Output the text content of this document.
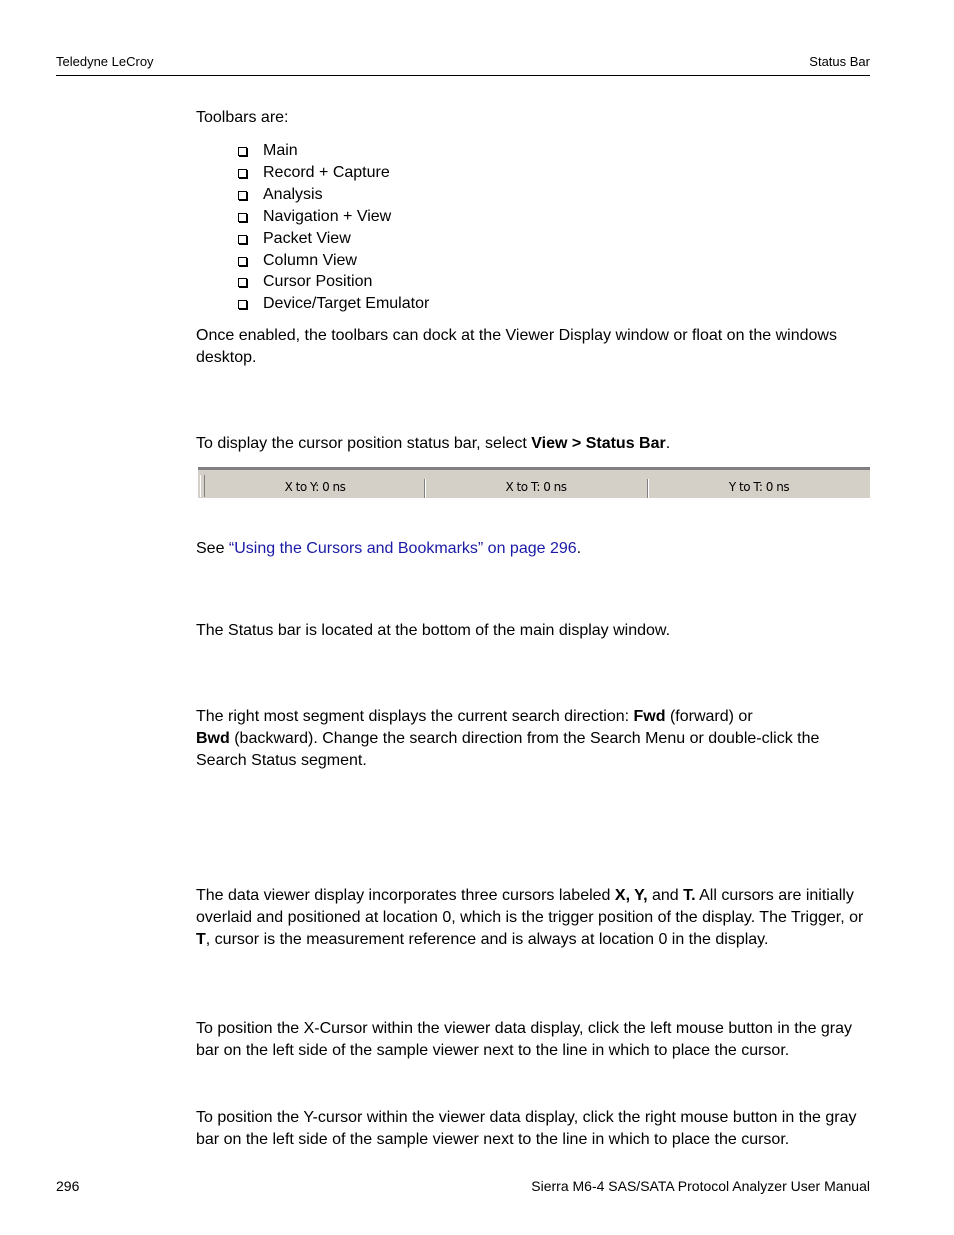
Teledyne LeCroy	Status Bar

Toolbars are:

Main
Record + Capture
Analysis
Navigation + View
Packet View
Column View
Cursor Position
Device/Target Emulator

Once enabled, the toolbars can dock at the Viewer Display window or float on the windows desktop.

To display the cursor position status bar, select View > Status Bar.

X to Y: 0 ns	X to T: 0 ns	Y to T: 0 ns

See “Using the Cursors and Bookmarks” on page 296.

The Status bar is located at the bottom of the main display window.

The right most segment displays the current search direction: Fwd (forward) or
Bwd (backward). Change the search direction from the Search Menu or double-click the Search Status segment.

The data viewer display incorporates three cursors labeled X, Y, and T. All cursors are initially overlaid and positioned at location 0, which is the trigger position of the display. The Trigger, or T, cursor is the measurement reference and is always at location 0 in the display.

To position the X-Cursor within the viewer data display, click the left mouse button in the gray bar on the left side of the sample viewer next to the line in which to place the cursor.

To position the Y-cursor within the viewer data display, click the right mouse button in the gray bar on the left side of the sample viewer next to the line in which to place the cursor.

296	Sierra M6-4 SAS/SATA Protocol Analyzer User Manual
